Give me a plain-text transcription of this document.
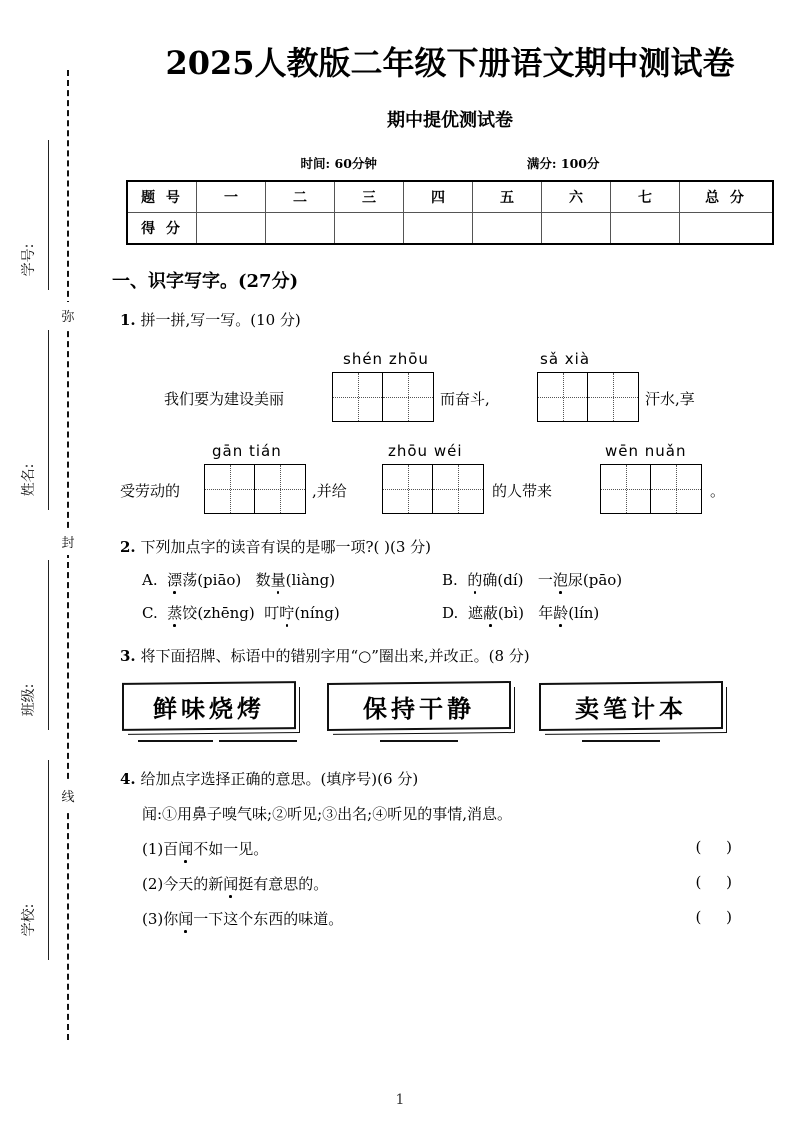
学号:
姓名:
班级:
学校:
弥
封
线
2025人教版二年级下册语文期中测试卷
期中提优测试卷
时间: 60分钟	满分: 100分
题 号	一	二	三	四	五	六	七	总 分
得 分								
一、识字写字。(27分)
1. 拼一拼,写一写。(10 分)
shén zhōu	sǎ xià
我们要为建设美丽	而奋斗,	汗水,享
gān tián	zhōu wéi	wēn nuǎn
受劳动的	,并给	的人带来	。
2. 下列加点字的读音有误的是哪一项?( )(3 分)
A. 漂荡(piāo)   数量(liàng)	B. 的确(dí)   一泡尿(pāo)
C. 蒸饺(zhēng)  叮咛(níng)	D.  遮蔽(bì)   年龄(lín)
3. 将下面招牌、标语中的错别字用“○”圈出来,并改正。(8 分)
鲜味烧烤	保持干静	卖笔计本
4. 给加点字选择正确的意思。(填序号)(6 分)
闻:①用鼻子嗅气味;②听见;③出名;④听见的事情,消息。
(1)百闻不如一见。	( )
(2)今天的新闻挺有意思的。	( )
(3)你闻一下这个东西的味道。	( )
1
